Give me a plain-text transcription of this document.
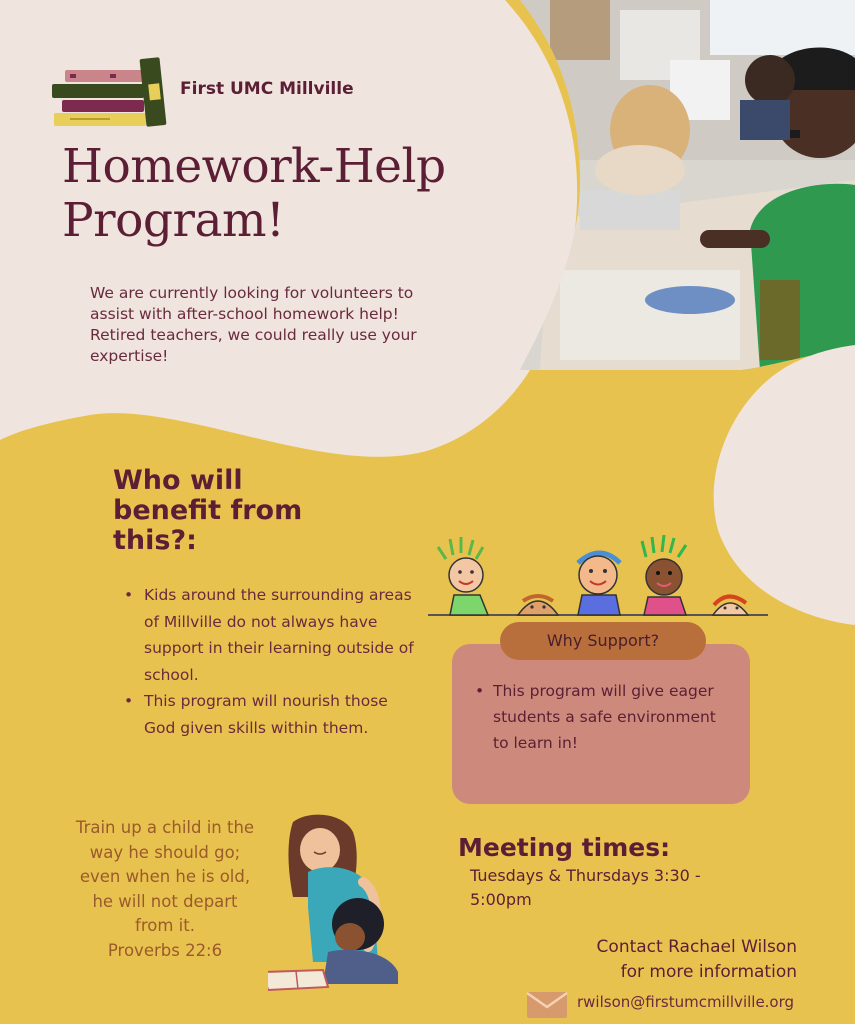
First UMC Millville
Homework-Help
Program!
We are currently looking for volunteers to assist with after-school homework help! Retired teachers, we could really use your expertise!
Who will benefit from this?:
• Kids around the surrounding areas of Millville do not always have support in their learning outside of school.
• This program will nourish those God given skills within them.
Why Support?
• This program will give eager students a safe environment to learn in!
Train up a child in the
way he should go;
even when he is old,
he will not depart
from it.
Proverbs 22:6
Meeting times:
Tuesdays & Thursdays 3:30 -
5:00pm
Contact Rachael Wilson
for more information
rwilson@firstumcmillville.org
